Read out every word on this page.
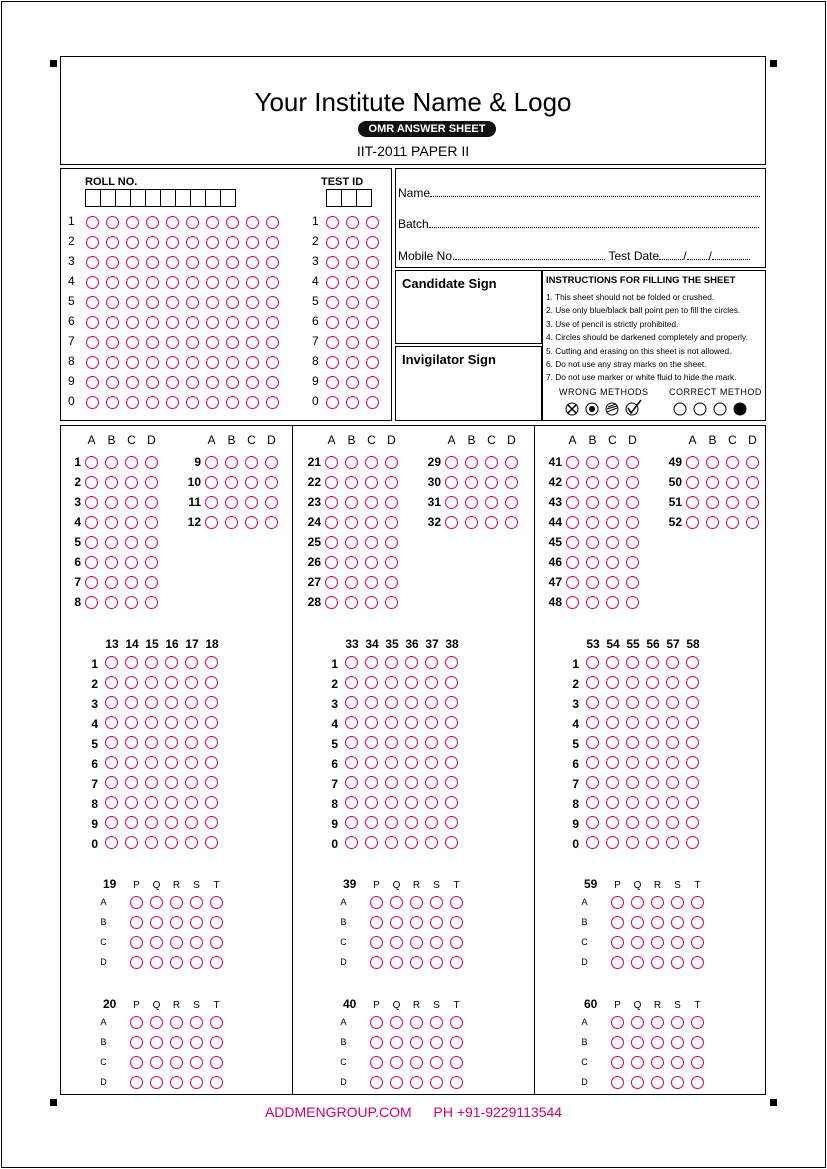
Your Institute Name & Logo
OMR ANSWER SHEET
IIT-2011 PAPER II
ROLL NO.	TEST ID
1	1
2	2
3	3
4	4
5	5
6	6
7	7
8	8
9	9
0	0
Name
Batch
Mobile No.	Test Date / /
Candidate Sign
Invigilator Sign
INSTRUCTIONS FOR FILLING THE SHEET
1. This sheet should not be folded or crushed.
2. Use only blue/black ball point pen to fill the circles.
3. Use of pencil is strictly prohibited.
4. Circles should be darkened completely and properly.
5. Cutting and erasing on this sheet is not allowed.
6. Do not use any stray marks on the sheet.
7. Do not use marker or white fluid to hide the mark.
WRONG METHODS CORRECT METHOD
A B C D
1
2
3
4
5
6
7
8
A B C D
9
10
11
12
13 14 15 16 17 18
1
2
3
4
5
6
7
8
9
0
19	P	Q R	S	T
A
B
C
D
20	P	Q R	S	T
A
B
C
D
A B C D
21
22
23
24
25
26
27
28
A B C D
29
30
31
32
33 34 35 36 37 38
1
2
3
4
5
6
7
8
9
0
39	P	Q R	S	T
A
B
C
D
40	P	Q R	S	T
A
B
C
D
A B C D
41
42
43
44
45
46
47
48
A B C D
49
50
51
52
53 54 55 56 57 58
1
2
3
4
5
6
7
8
9
0
59	P	Q R	S	T
A
B
C
D
60	P	Q R	S	T
A
B
C
D
ADDMENGROUP.COM PH +91-9229113544
